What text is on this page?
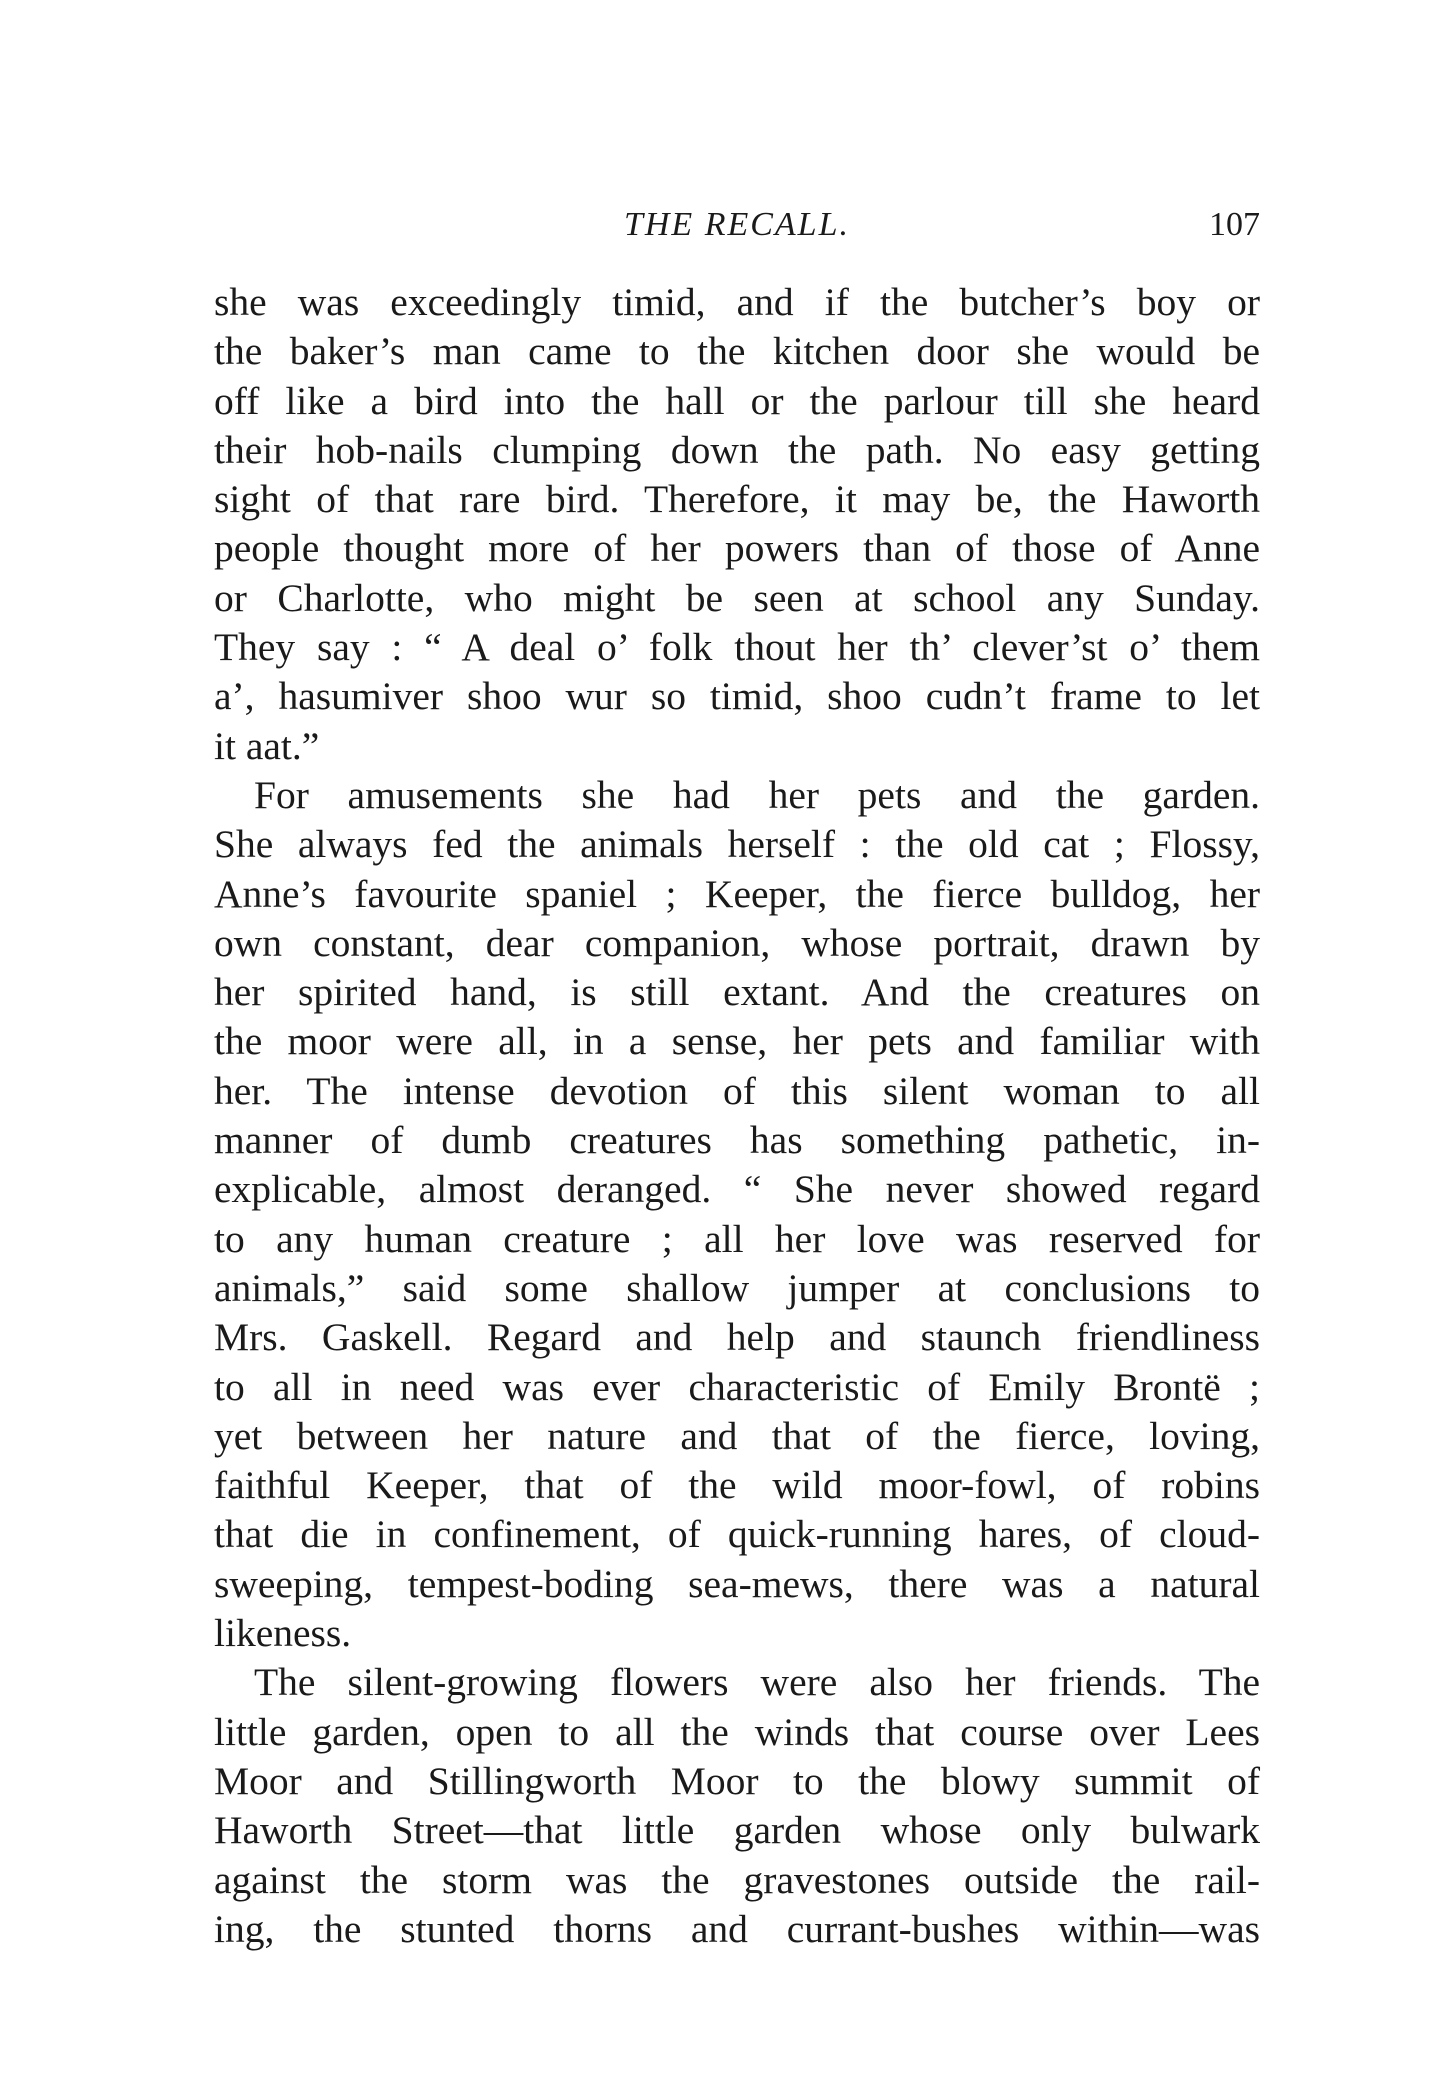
THE RECALL.	107
she was exceedingly timid, and if the butcher’s boy or
the baker’s man came to the kitchen door she would be
off like a bird into the hall or the parlour till she heard
their hob-nails clumping down the path. No easy getting
sight of that rare bird. Therefore, it may be, the Haworth
people thought more of her powers than of those of Anne
or Charlotte, who might be seen at school any Sunday.
They say : “ A deal o’ folk thout her th’ clever’st o’ them
a’, hasumiver shoo wur so timid, shoo cudn’t frame to let
it aat.”
For amusements she had her pets and the garden.
She always fed the animals herself : the old cat ; Flossy,
Anne’s favourite spaniel ; Keeper, the fierce bulldog, her
own constant, dear companion, whose portrait, drawn by
her spirited hand, is still extant. And the creatures on
the moor were all, in a sense, her pets and familiar with
her. The intense devotion of this silent woman to all
manner of dumb creatures has something pathetic, in-
explicable, almost deranged. “ She never showed regard
to any human creature ; all her love was reserved for
animals,” said some shallow jumper at conclusions to
Mrs. Gaskell. Regard and help and staunch friendliness
to all in need was ever characteristic of Emily Brontë ;
yet between her nature and that of the fierce, loving,
faithful Keeper, that of the wild moor-fowl, of robins
that die in confinement, of quick-running hares, of cloud-
sweeping, tempest-boding sea-mews, there was a natural
likeness.
The silent-growing flowers were also her friends. The
little garden, open to all the winds that course over Lees
Moor and Stillingworth Moor to the blowy summit of
Haworth Street—that little garden whose only bulwark
against the storm was the gravestones outside the rail-
ing, the stunted thorns and currant-bushes within—was
